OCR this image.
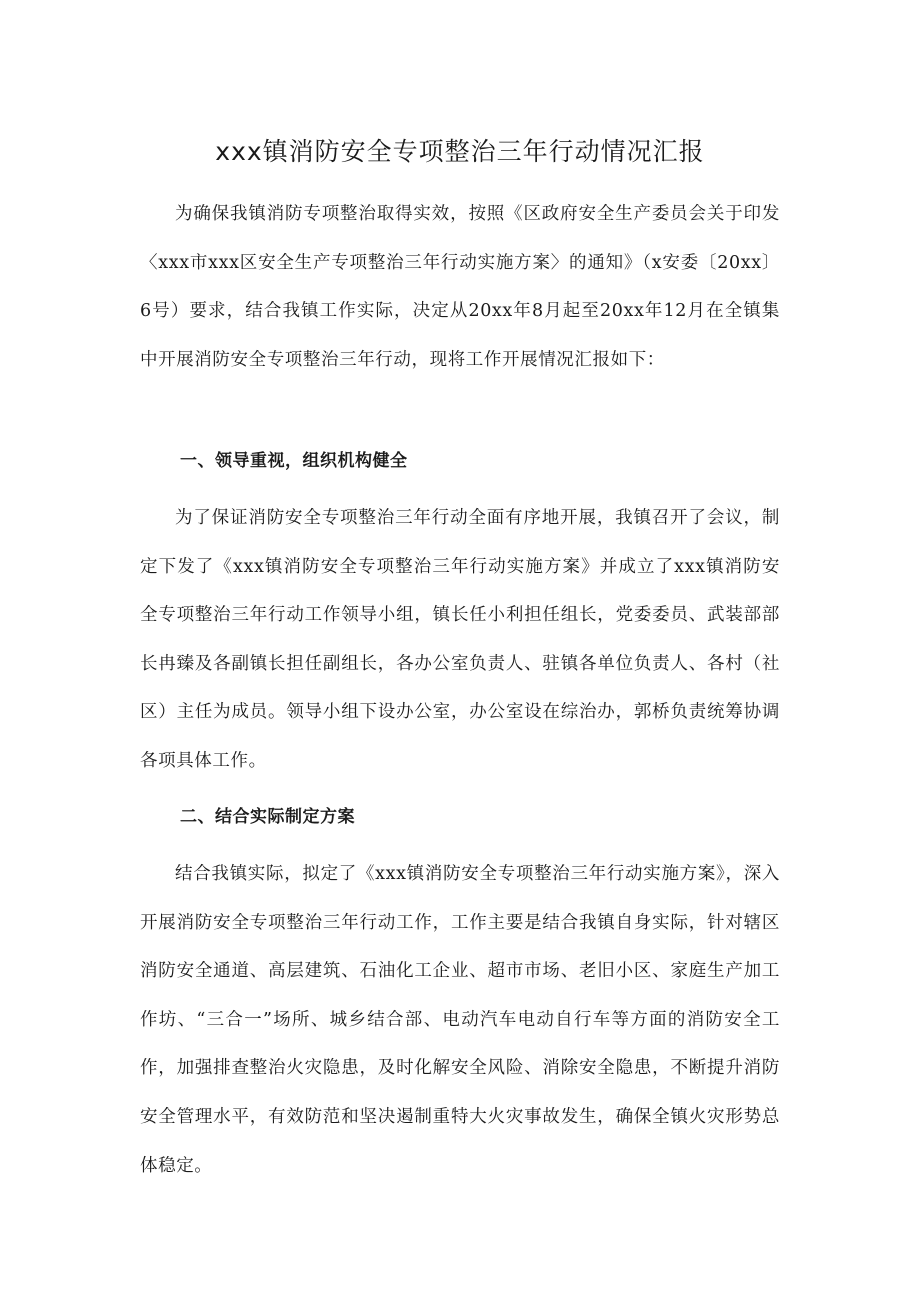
xxx镇消防安全专项整治三年行动情况汇报

为确保我镇消防专项整治取得实效，按照《区政府安全生产委员会关于印发〈xxx市xxx区安全生产专项整治三年行动实施方案〉的通知》（x安委〔20xx〕6号）要求，结合我镇工作实际，决定从20xx年8月起至20xx年12月在全镇集中开展消防安全专项整治三年行动，现将工作开展情况汇报如下：

一、领导重视，组织机构健全

为了保证消防安全专项整治三年行动全面有序地开展，我镇召开了会议，制定下发了《xxx镇消防安全专项整治三年行动实施方案》并成立了xxx镇消防安全专项整治三年行动工作领导小组，镇长任小利担任组长，党委委员、武装部部长冉臻及各副镇长担任副组长，各办公室负责人、驻镇各单位负责人、各村（社区）主任为成员。领导小组下设办公室，办公室设在综治办，郭桥负责统筹协调各项具体工作。

二、结合实际制定方案

结合我镇实际，拟定了《xxx镇消防安全专项整治三年行动实施方案》，深入开展消防安全专项整治三年行动工作，工作主要是结合我镇自身实际，针对辖区消防安全通道、高层建筑、石油化工企业、超市市场、老旧小区、家庭生产加工作坊、“三合一”场所、城乡结合部、电动汽车电动自行车等方面的消防安全工作，加强排查整治火灾隐患，及时化解安全风险、消除安全隐患，不断提升消防安全管理水平，有效防范和坚决遏制重特大火灾事故发生，确保全镇火灾形势总体稳定。
